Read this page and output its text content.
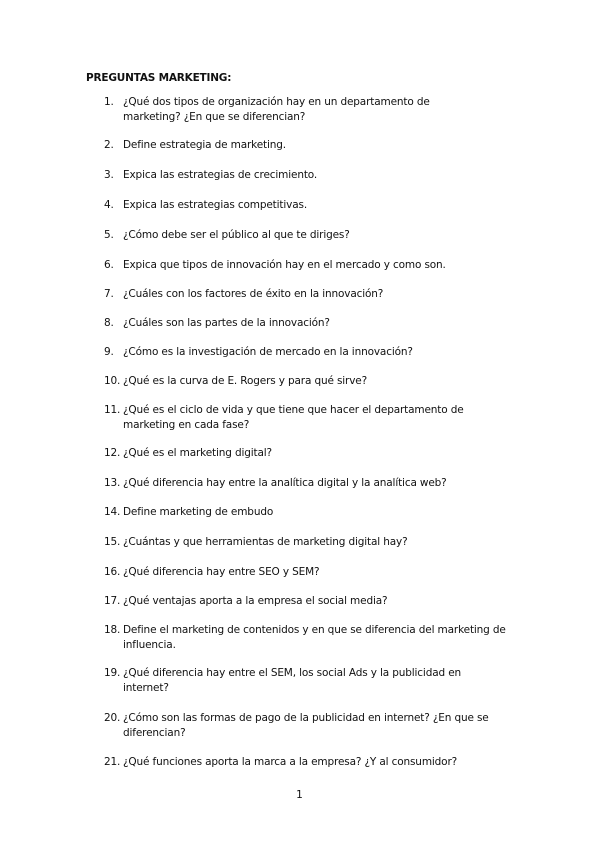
PREGUNTAS MARKETING:
1. ¿Qué dos tipos de organización hay en un departamento de marketing? ¿En que se diferencian?
2. Define estrategia de marketing.
3. Expica las estrategias de crecimiento.
4. Expica las estrategias competitivas.
5. ¿Cómo debe ser el público al que te diriges?
6. Expica que tipos de innovación hay en el mercado y como son.
7. ¿Cuáles con los factores de éxito en la innovación?
8. ¿Cuáles son las partes de la innovación?
9. ¿Cómo es la investigación de mercado en la innovación?
10. ¿Qué es la curva de E. Rogers y para qué sirve?
11. ¿Qué es el ciclo de vida y que tiene que hacer el departamento de marketing en cada fase?
12. ¿Qué es el marketing digital?
13. ¿Qué diferencia hay entre la analítica digital y la analítica web?
14. Define marketing de embudo
15. ¿Cuántas y que herramientas de marketing digital hay?
16. ¿Qué diferencia hay entre SEO y SEM?
17. ¿Qué ventajas aporta a la empresa el social media?
18. Define el marketing de contenidos y en que se diferencia del marketing de influencia.
19. ¿Qué diferencia hay entre el SEM, los social Ads y la publicidad en internet?
20. ¿Cómo son las formas de pago de la publicidad en internet? ¿En que se diferencian?
21. ¿Qué funciones aporta la marca a la empresa? ¿Y al consumidor?
1
